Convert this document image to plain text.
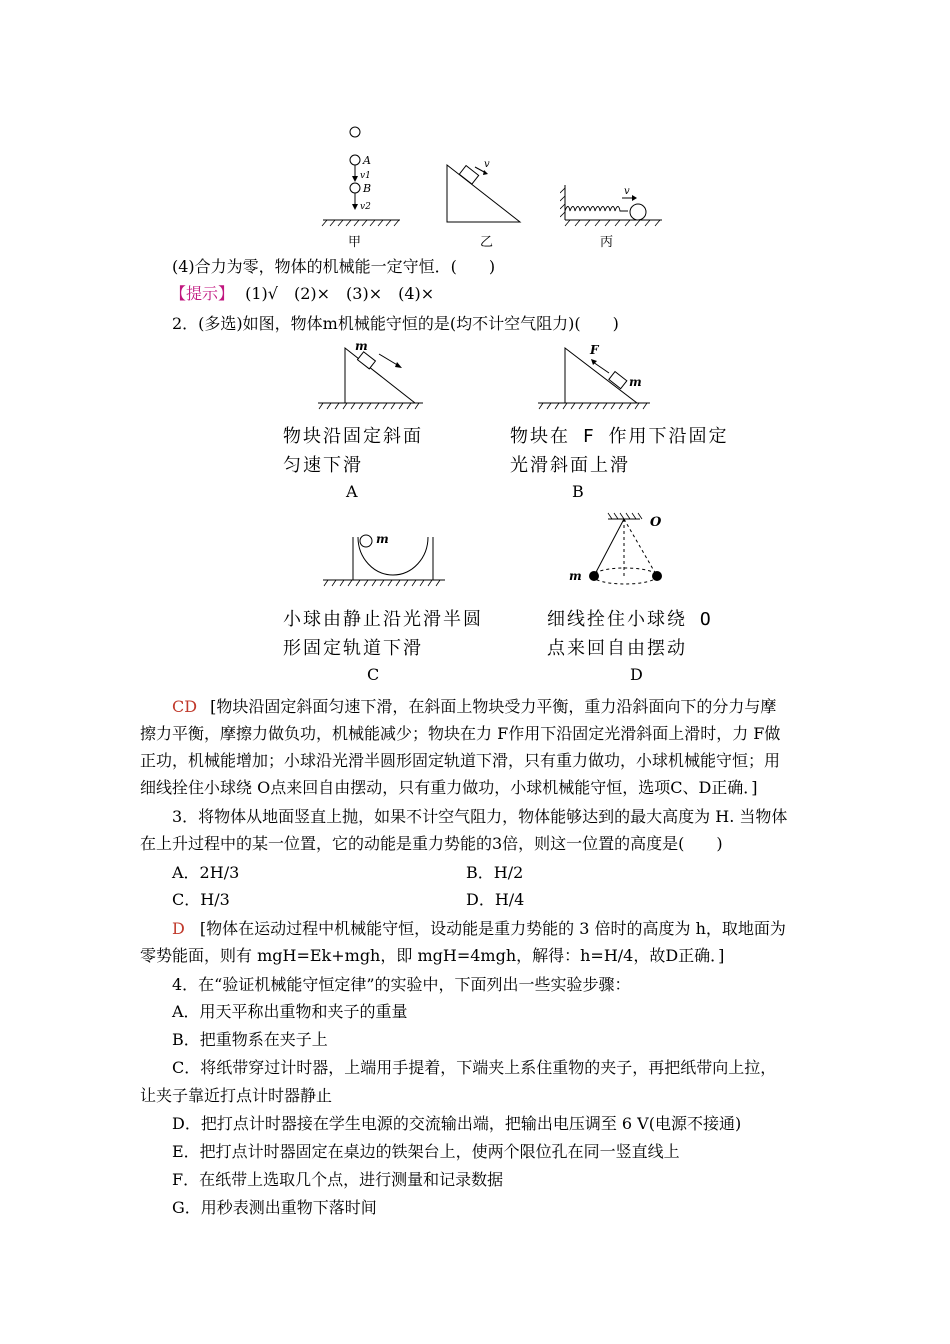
A
v1
B
v2
甲
v
乙
v
丙
(4)合力为零，物体的机械能一定守恒．(　　)
【提示】 (1)√　(2)×　(3)×　(4)×
2．(多选)如图，物体m机械能守恒的是(均不计空气阻力)(　　)
m	F
m
物块沿固定斜面
匀速下滑
A
物块在 F 作用下沿固定
光滑斜面上滑
B
m
O
m
小球由静止沿光滑半圆
形固定轨道下滑
C
细线拴住小球绕 O
点来回自由摆动
D
CD [物块沿固定斜面匀速下滑，在斜面上物块受力平衡，重力沿斜面向下的分力与摩
擦力平衡，摩擦力做负功，机械能减少；物块在力 F作用下沿固定光滑斜面上滑时，力 F做
正功，机械能增加；小球沿光滑半圆形固定轨道下滑，只有重力做功，小球机械能守恒；用
细线拴住小球绕 O点来回自由摆动，只有重力做功，小球机械能守恒，选项C、D正确．]
3．将物体从地面竖直上抛，如果不计空气阻力，物体能够达到的最大高度为 H. 当物体
在上升过程中的某一位置，它的动能是重力势能的3倍，则这一位置的高度是(　　)
A．2H/3	B．H/2
C．H/3	D．H/4
D [物体在运动过程中机械能守恒，设动能是重力势能的 3 倍时的高度为 h，取地面为
零势能面，则有 mgH=Ek+mgh，即 mgH=4mgh，解得：h=H/4，故D正确．]
4．在“验证机械能守恒定律”的实验中，下面列出一些实验步骤：
A．用天平称出重物和夹子的重量
B．把重物系在夹子上
C．将纸带穿过计时器，上端用手提着，下端夹上系住重物的夹子，再把纸带向上拉，
让夹子靠近打点计时器静止
D．把打点计时器接在学生电源的交流输出端，把输出电压调至 6 V(电源不接通)
E．把打点计时器固定在桌边的铁架台上，使两个限位孔在同一竖直线上
F．在纸带上选取几个点，进行测量和记录数据
G．用秒表测出重物下落时间
